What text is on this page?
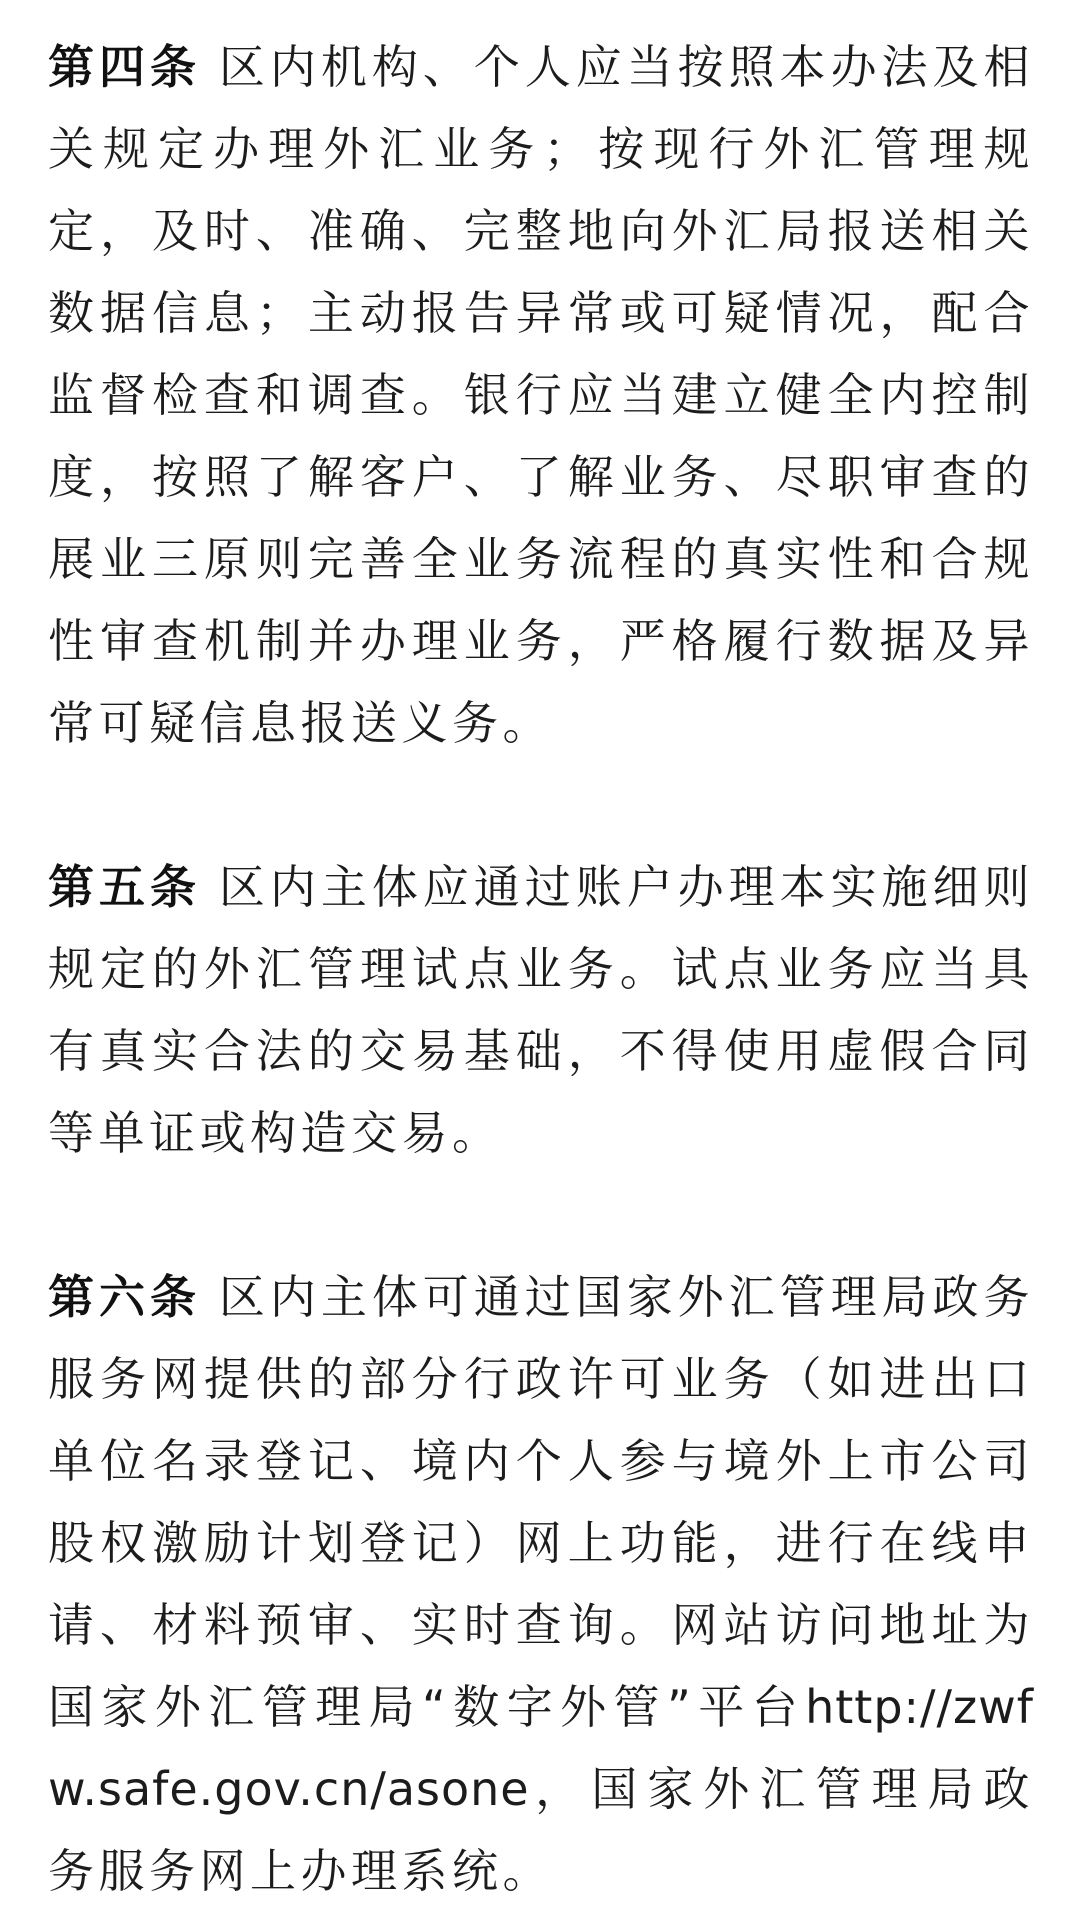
第四条 区内机构、个人应当按照本办法及相关规定办理外汇业务；按现行外汇管理规定，及时、准确、完整地向外汇局报送相关数据信息；主动报告异常或可疑情况，配合监督检查和调查。银行应当建立健全内控制度，按照了解客户、了解业务、尽职审查的展业三原则完善全业务流程的真实性和合规性审查机制并办理业务，严格履行数据及异常可疑信息报送义务。

第五条 区内主体应通过账户办理本实施细则规定的外汇管理试点业务。试点业务应当具有真实合法的交易基础，不得使用虚假合同等单证或构造交易。

第六条 区内主体可通过国家外汇管理局政务服务网提供的部分行政许可业务（如进出口单位名录登记、境内个人参与境外上市公司股权激励计划登记）网上功能，进行在线申请、材料预审、实时查询。网站访问地址为国家外汇管理局“数字外管”平台http://zwfw.safe.gov.cn/asone，国家外汇管理局政务服务网上办理系统。
